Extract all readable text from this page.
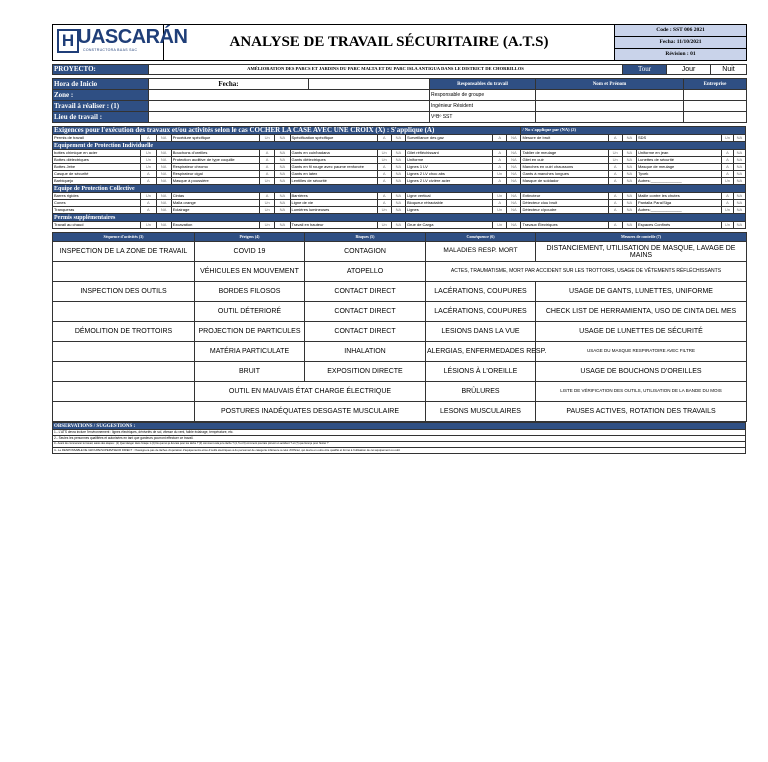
H UASCARÁN
CONSTRUCTORA BUAS SAC	ANALYSE DE TRAVAIL SÉCURITAIRE (A.T.S)	Code : SST 006 2021
Fecha: 11/10/2021
Révision : 01
PROYECTO:	AMÉLIORATION DES PARCS ET JARDINS DU PARC MALTA ET DU PARC ISLA ANTIGUA DANS LE DISTRICT DE CHORRILLOS	Tour	Jour	Nuit
Hora de Inicio	Fecha:		Responsables du travail	Nom et Prénom	Entreprise
Zone :			Responsable de groupe		
Travail à réaliser : (1)			Ingénieur Résident		
Lieu de travail :			VºBº SST		
Exigences pour l'exécution des travaux et/ou activités selon le cas COCHER LA CASE AVEC UNE CROIX (X) : S'applique (A)												/ No s'applique par (NA) (2)					
Permis de travail	A	NA	Procédure spécifique	Un	NA	Spécification spécifique	A	NA	Surveillance des gaz	A	NA	Mesure de bruit	A	NA	SDS	Un	NA
Equipement de Protection Individuelle																	
bottes chimique en acier	Un	NA	Bouchons d'oreilles	A	NA	Gants en cuir/badana	Un	NA	Gilet réfléchissant	A	NA	Tablier de meulage	Un	NA	Uniforme en jean	A	NA
Bottes diélectriques	Un	NA	Protection auditive de type coquille	A	NA	Gants diélectriques	Un	NA	Uniforme	A	NA	Gilet en cuir	Un	NA	Lunettes de sécurité	A	NA
Bottes Jebe	Un	NA	Respirateur chromo	A	NA	Gants en fil rouge avec paume renforcée	A	NA	Lignes 1 LV	A	NA	Manches en cuir/ chaussons	A	NA	Masque de meulage	A	NA
Casque de sécurité	A	NA	Respirateur cigal	A	NA	Gants en latex	A	NA	Lignes 2 LV choc abs	Un	NA	Gants à manches longues	A	NA	Tyvek	A	NA
Barbiquejo	A	NA	Masque à poussière	Un	NA	Lentilles de sécurité	A	NA	Lignes 2 LV civière acier	A	NA	Masque de soldador	A	NA	Autres:______________	Un	NA
Equipe de Protection Collective																	
Barres rigides	Un	NA	Cintas	A	NA	Barrières	A	NA	Ligne vertical	Un	NA	Extincteur	A	NA	Maille contre les chutes	A	NA
Cones	A	NA	Malla orange	Un	NA	Ligne de vie	A	NA	Bloqueur rétractable	A	NA	Détecteur clou bruit	A	NA	Pantalla Para/Siga	A	NA
Tranqueras	A	NA	Eclairage	Un	NA	Lumières lumineuses	Un	NA	Lignes	Un	NA	Détecteur c/poudre	A	NA	Autres:______________	Un	NA
Permis supplémentaires																	
Travail au chaud	Un	NA	Excavation	Un	NA	Travail en hauteur	Un	NA	Grue de Carga	Un	NA	Travaux Électriques	A	NA	Espaces Confinés	Un	NA
Séquence d'activités (3)	Périgros (4)	Risques (5)	Conséquence (6)	Mesures de contrôle (7)
INSPECTION DE LA ZONE DE TRAVAIL	COVID 19	CONTAGION	MALADIES RESP. MORT	DISTANCIEMENT, UTILISATION DE MASQUE, LAVAGE DE MAINS
	VÉHICULES EN MOUVEMENT	ATOPELLO	ACTES, TRAUMATISME, MORT PAR ACCIDENT SUR LES TROTTOIRS, USAGE DE VÊTEMENTS RÉFLÉCHISSANTS	
INSPECTION DES OUTILS	BORDES FILOSOS	CONTACT DIRECT	LACÉRATIONS, COUPURES	USAGE DE GANTS, LUNETTES, UNIFORME
	OUTIL DÉTERIORÉ	CONTACT DIRECT	LACÉRATIONS, COUPURES	CHECK LIST DE HERRAMIENTA, USO DE CINTA DEL MES
DÉMOLITION DE TROTTOIRS	PROJECTION DE PARTICULES	CONTACT DIRECT	LESIONS DANS LA VUE	USAGE DE LUNETTES DE SÉCURITÉ
	MATÉRIA PARTICULATE	INHALATION	ALERGIAS, ENFERMEDADES RESP.	USAGE DU MASQUE RESPIRATOIRE AVEC FILTRE
	BRUIT	EXPOSITION DIRECTE	LÉSIONS À L'OREILLE	USAGE DE BOUCHONS D'OREILLES
	OUTIL EN MAUVAIS ÉTAT CHARGE ÉLECTRIQUE		BRÛLURES	LISTE DE VÉRIFICATION DES OUTILS, UTILISATION DE LA BANDE DU MOIS
	POSTURES INADÉQUATES DESGASTE MUSCULAIRE		LESONS MUSCULAIRES	PAUSES ACTIVES, ROTATION DES TRAVAILS
OBSERVATIONS / SUGGESTIONS :
1.- L'ATS devra inclure l'environnement : lignes électriques, dénivelés de sol, vitesse du vent, faible éclairage, température, etc.
2.- Seules les personnes qualifiées et autorisées en tant que gardeurs pourront effectuer ce travail.
3.- Avant de commencer le travail, saisis des étapes : (1) Quel danger dans l'étape 1 (2) De quoi et je devrais pour les tâche ? (3) comment cela je le tâche ? (4, 5 et 6) comment pourrais prévoir un accident ? et (7) que ferai je pour l'éviter ?
4.- Le RESPONSABLE DE GROUPE/SUPERVISEUR DIRECT : N'assignera pas de tâches d'opération d'équipements et/ou d'outils électriques à du personnel de catégorie inférieure à celui d'Officiel, qui devra en outre être qualifié et formé à l'utilisation de cet équipement ou outil.
